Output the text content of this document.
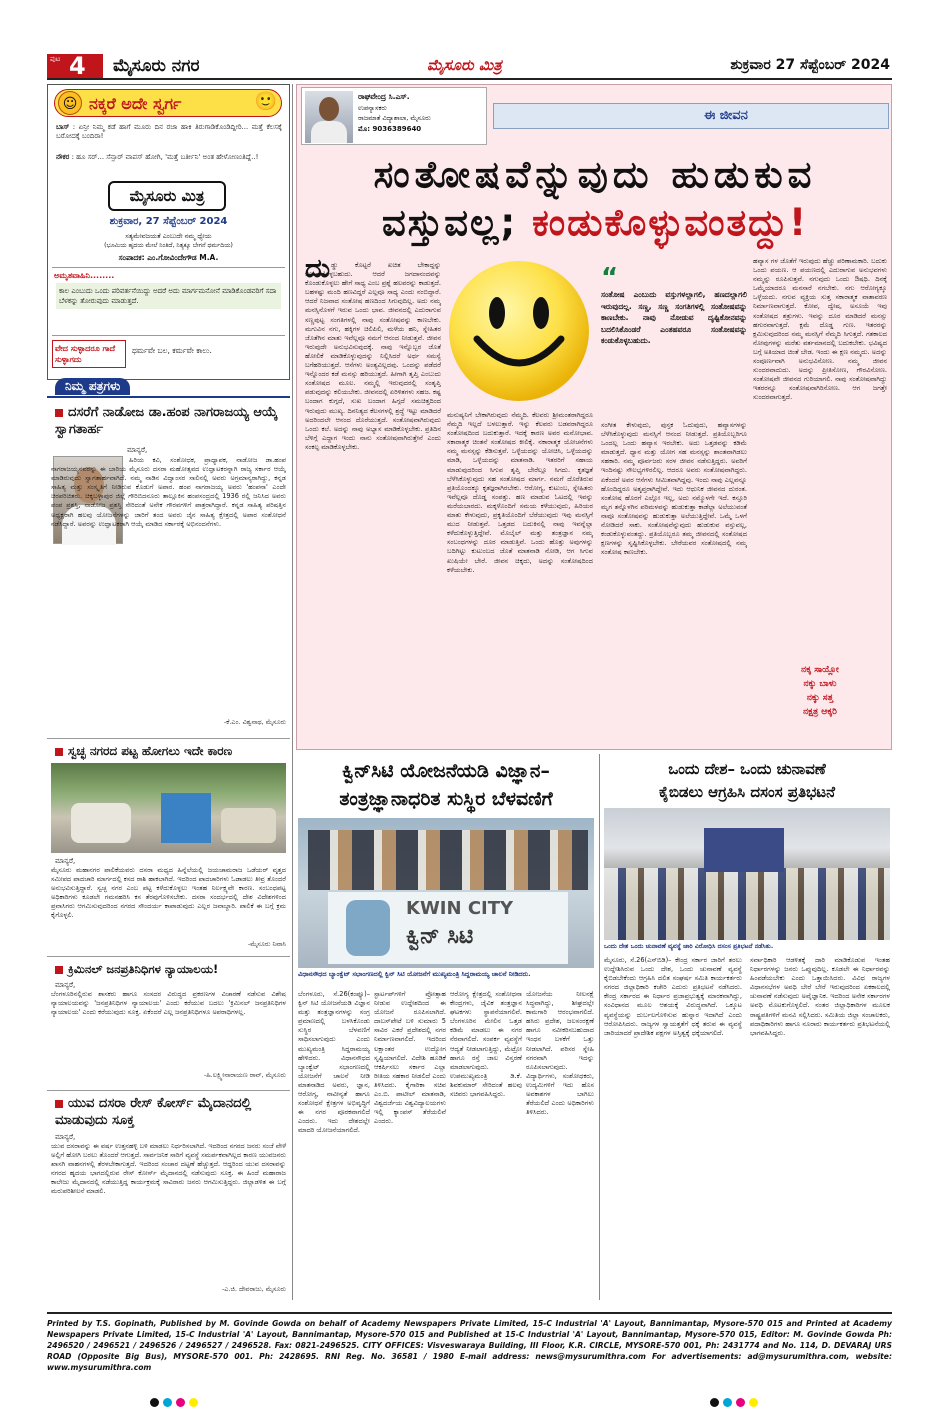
ಪುಟ 4 ಮೈಸೂರು ನಗರ	ಮೈಸೂರು ಮಿತ್ರ	ಶುಕ್ರವಾರ 27 ಸೆಪ್ಟೆಂಬರ್ 2024
☺ ನಕ್ಕರೆ ಅದೇ ಸ್ವರ್ಗ	🙂
ಬಾಸ್ : ಏನ್ರೀ ನಿಮ್ಮ ಕಡೆ ಹಾಗೆ ಮೂರು ದಿನ ರಜಾ ಹಾಕಿ ತಿರುಗಾಡಿಕೊಂಡಿದ್ದೀರಿ... ಮತ್ತೆ ಕೆಲಸಕ್ಕೆ ಬರೋದಕ್ಕೆ ಬಂದಿರಾ!
ನೌಕರ : ಹೂ ಸರ್... ಸೆನ್ಸಾರ್ ವಾಪಸ್ ಹೋಗಿ, 'ಮತ್ತೆ ಬರ್ತೀನಿ' ಅಂತ ಹೇಳೋಣಂತಿದ್ದೆ..!
ಮೈಸೂರು ಮಿತ್ರ
ಶುಕ್ರವಾರ, 27 ಸೆಪ್ಟೆಂಬರ್ 2024
ಸತ್ಯಮೇವಜಯತೆ ಎಂಬುದೇ ನಮ್ಮ ಧ್ಯೇಯ
(ಭೂಮಿಯ ಹೃದಯ ಮೇಲೆ ನಿಂತಿದೆ, ನಿತ್ಯಕ್ಕೂ ಬೇಗನೆ ಧರ್ಮದಿಯ)
ಸಂಪಾದಕ: ಎಂ.ಗೋವಿಂದೇಗೌಡ M.A.
ಅಮೃತವಾಹಿನಿ........
ಕಾಲ ಎಂಬುದು ಒಂದು ಪರಿವರ್ತನೆಯಿದ್ದು ಅದರೆ ಅದು ಮಾರ್ಗಮನೋನೆ ಮಾಡಿಕೊಂಡವರಿಗೆ ಸದಾ ಬೆಳಕನ್ನು ತೋರುವುದು ಮಾಡುತ್ತದೆ.
ವೇದ ಸುಳ್ಳಾದರೂ ಗಾದೆ ಸುಳ್ಳಾಗದು
ಧರ್ಮವೇ ಬಲ, ಕರ್ಮವೇ ಕಾಲು.
ನಿಮ್ಮ ಪತ್ರಗಳು
ದಸರೆಗೆ ನಾಡೋಜ ಡಾ.ಹಂಪ ನಾಗರಾಜಯ್ಯ ಆಯ್ಕೆ ಸ್ವಾಗತಾರ್ಹ
ಮಾನ್ಯರೆ,
ಹಿರಿಯ ಕವಿ, ಸಂಶೋಧಕ, ಪ್ರಾಧ್ಯಾಪಕ, ನಾಡೋಜ ಡಾ.ಹಂಪ ನಾಗರಾಜಯ್ಯನವರನ್ನು ಈ ಬಾರಿಯ ಮೈಸೂರು ದಸರಾ ಮಹೋತ್ಸವದ ಉದ್ಘಾಟಕರನ್ನಾಗಿ ರಾಜ್ಯ ಸರ್ಕಾರ ಆಯ್ಕೆ ಮಾಡಿರುವುದು ಸ್ವಾಗತಾರ್ಹವಾಗಿದೆ. ನಮ್ಮ ನಾಡಿನ ವಿದ್ವಾಂಸರ ಸಾಲಿನಲ್ಲಿ ಅವರು ಅಗ್ರಮಾನ್ಯರಾಗಿದ್ದು, ಕನ್ನಡ ಸಾಹಿತ್ಯ ಮತ್ತು ಸಂಸ್ಕೃತಿಗೆ ನೀಡಿರುವ ಕೊಡುಗೆ ಅಪಾರ. ಹಂಪ ನಾಗರಾಜಯ್ಯ ಅವರು 'ಹಂಪನಾ' ಎಂದೇ ಚಿರಪರಿಚಿತರು. ಚಿಕ್ಕಬಳ್ಳಾಪುರ ಜಿಲ್ಲೆ ಗೌರಿಬಿದನೂರು ತಾಲ್ಲೂಕಿನ ಹಂಪಸಂದ್ರದಲ್ಲಿ 1936 ರಲ್ಲಿ ಜನಿಸಿದ ಅವರು ಪಂಪ ಪ್ರಶಸ್ತಿ, ನಾಡೋಜ ಪ್ರಶಸ್ತಿ ಸೇರಿದಂತೆ ಅನೇಕ ಗೌರವಗಳಿಗೆ ಪಾತ್ರರಾಗಿದ್ದಾರೆ. ಕನ್ನಡ ಸಾಹಿತ್ಯ ಪರಿಷತ್ತಿನ ಅಧ್ಯಕ್ಷರಾಗಿ ಹಲವು ಯೋಜನೆಗಳನ್ನು ಜಾರಿಗೆ ತಂದ ಅವರು ಜೈನ ಸಾಹಿತ್ಯ ಕ್ಷೇತ್ರದಲ್ಲಿ ಅಪಾರ ಸಂಶೋಧನೆ ನಡೆಸಿದ್ದಾರೆ. ಅವರನ್ನು ಉದ್ಘಾಟಕರಾಗಿ ಆಯ್ಕೆ ಮಾಡಿದ ಸರ್ಕಾರಕ್ಕೆ ಅಭಿನಂದನೆಗಳು.
-ಕೆ.ಎಂ. ವಿಶ್ವನಾಥ, ಮೈಸೂರು
ಸ್ವಚ್ಛ ನಗರದ ಪಟ್ಟ ಹೋಗಲು ಇದೇ ಕಾರಣ
ಮಾನ್ಯರೆ,
ಮೈಸೂರು ಮಹಾನಗರ ಪಾಲಿಕೆಯವರು ದಸರಾ ಮಧ್ಯದ ಹಿನ್ನೆಲೆಯಲ್ಲಿ ಜಯಚಾಮರಾಜ ಒಡೆಯರ್ ವೃತ್ತದ ಸಮೀಪದ ಪಾದಚಾರಿ ಮಾರ್ಗದಲ್ಲಿ ಕಸದ ರಾಶಿ ಹಾಕಲಾಗಿದೆ. ಇದರಿಂದ ಪಾದಚಾರಿಗಳು ಓಡಾಡಲು ತೀವ್ರ ತೊಂದರೆ ಅನುಭವಿಸುತ್ತಿದ್ದಾರೆ. ಸ್ವಚ್ಛ ನಗರ ಎಂಬ ಪಟ್ಟ ಕಳೆದುಕೊಳ್ಳಲು ಇಂತಹ ನಿರ್ಲಕ್ಷ್ಯವೇ ಕಾರಣ. ಸಂಬಂಧಪಟ್ಟ ಅಧಿಕಾರಿಗಳು ಕೂಡಲೇ ಗಮನಹರಿಸಿ ಕಸ ತೆರವುಗೊಳಿಸಬೇಕು. ದಸರಾ ಸಂದರ್ಭದಲ್ಲಿ ದೇಶ ವಿದೇಶಗಳಿಂದ ಪ್ರವಾಸಿಗರು ಆಗಮಿಸುವುದರಿಂದ ನಗರದ ಸೌಂದರ್ಯ ಕಾಪಾಡುವುದು ಎಲ್ಲರ ಜವಾಬ್ದಾರಿ. ಪಾಲಿಕೆ ಈ ಬಗ್ಗೆ ಕ್ರಮ ಕೈಗೊಳ್ಳಲಿ.
-ಮೈಸೂರು ನಿವಾಸಿ
ಕ್ರಿಮಿನಲ್ ಜನಪ್ರತಿನಿಧಿಗಳ ನ್ಯಾಯಾಲಯ!
ಮಾನ್ಯರೆ,
ಬೆಂಗಳೂರಿನಲ್ಲಿರುವ ಶಾಸಕರು ಹಾಗೂ ಸಂಸದರ ವಿರುದ್ಧದ ಪ್ರಕರಣಗಳ ವಿಚಾರಣೆ ನಡೆಸುವ ವಿಶೇಷ ನ್ಯಾಯಾಲಯವನ್ನು 'ಜನಪ್ರತಿನಿಧಿಗಳ ನ್ಯಾಯಾಲಯ' ಎಂದು ಕರೆಯುವ ಬದಲು 'ಕ್ರಿಮಿನಲ್ ಜನಪ್ರತಿನಿಧಿಗಳ ನ್ಯಾಯಾಲಯ' ಎಂದು ಕರೆಯುವುದು ಸೂಕ್ತ. ಏಕೆಂದರೆ ಎಲ್ಲ ಜನಪ್ರತಿನಿಧಿಗಳೂ ಅಪರಾಧಿಗಳಲ್ಲ.
-ಹಿ.ಲಕ್ಷ್ಮೀನಾರಾಯಣ ರಾವ್, ಮೈಸೂರು
ಯುವ ದಸರಾ ರೇಸ್ ಕೋರ್ಸ್ ಮೈದಾನದಲ್ಲಿ ಮಾಡುವುದು ಸೂಕ್ತ
ಮಾನ್ಯರೆ,
ಯುವ ದಸರಾವನ್ನು ಈ ವರ್ಷ ಉತ್ತನಹಳ್ಳಿ ಬಳಿ ಮಾಡಲು ನಿರ್ಧರಿಸಲಾಗಿದೆ. ಇದರಿಂದ ನಗರದ ಜನರು ಸಂಜೆ ವೇಳೆ ಅಲ್ಲಿಗೆ ಹೋಗಿ ಬರಲು ತೊಂದರೆ ಆಗುತ್ತದೆ. ಸಾರ್ವಜನಿಕ ಸಾರಿಗೆ ವ್ಯವಸ್ಥೆ ಸಮರ್ಪಕವಾಗಿಲ್ಲದ ಕಾರಣ ಯುವಜನರು ಖಾಸಗಿ ವಾಹನಗಳಲ್ಲಿ ತೆರಳಬೇಕಾಗುತ್ತದೆ. ಇದರಿಂದ ಸಂಚಾರ ದಟ್ಟಣೆ ಹೆಚ್ಚುತ್ತದೆ. ಆದ್ದರಿಂದ ಯುವ ದಸರಾವನ್ನು ನಗರದ ಹೃದಯ ಭಾಗದಲ್ಲಿರುವ ರೇಸ್ ಕೋರ್ಸ್ ಮೈದಾನದಲ್ಲಿ ನಡೆಸುವುದು ಸೂಕ್ತ. ಈ ಹಿಂದೆ ಮಹಾರಾಜ ಕಾಲೇಜು ಮೈದಾನದಲ್ಲಿ ನಡೆಯುತ್ತಿದ್ದ ಕಾರ್ಯಕ್ರಮಕ್ಕೆ ಸಾವಿರಾರು ಜನರು ಆಗಮಿಸುತ್ತಿದ್ದರು. ಜಿಲ್ಲಾಡಳಿತ ಈ ಬಗ್ಗೆ ಮರುಪರಿಶೀಲನೆ ಮಾಡಲಿ.
-ಎ.ಜಿ. ದೇವರಾಜು, ಮೈಸೂರು
ರಾಘವೇಂದ್ರ ಸಿ.ಎಸ್.
ಉಪನ್ಯಾಸಕರು
ರಾಜಮಾತೆ ವಿದ್ಯಾಶಾಲಾ, ಮೈಸೂರು
ಮೊ: 9036389640
ಈ ಜೀವನ
ಸಂತೋಷವೆನ್ನುವುದು ಹುಡುಕುವ
ವಸ್ತುವಲ್ಲ; ಕಂಡುಕೊಳ್ಳುವಂತದ್ದು!
“
ಸಂತೋಷ ಎಂಬುದು ವಸ್ತುಗಳಲ್ಲಾಗಲಿ, ಹಣದಲ್ಲಾಗಲಿ ಇರುವುದಲ್ಲ. ಸಣ್ಣ, ಸಣ್ಣ ಸಂಗತಿಗಳಲ್ಲಿ ಸಂತೋಷವನ್ನು ಕಾಣಬೇಕು. ನಾವು ನೋಡುವ ದೃಷ್ಟಿಕೋನವನ್ನು ಬದಲಿಸಿಕೊಂಡರೆ ಎಂತಹವರೂ ಸಂತೋಷವನ್ನು ಕಂಡುಕೊಳ್ಳಬಹುದು.
ದು ಡ್ಡು ಕೊಟ್ಟರೆ ಖಚಿತ ಬೇಕಾದ್ದನ್ನು ಕೊಂಡುಕೊಳ್ಳಬಹುದು. ಆದರೆ ಜಗದಾನಂದವನ್ನು ಕೊಂಡುಕೊಳ್ಳಲು ಹೇಗೆ ಸಾಧ್ಯ ಎಂಬ ಪ್ರಶ್ನೆ ಹಲವರನ್ನು ಕಾಡುತ್ತದೆ. ಬಹಳಷ್ಟು ಮಂದಿ ಹಣವಿದ್ದರೆ ಎಲ್ಲವೂ ಸಾಧ್ಯ ಎಂದು ನಂಬಿದ್ದಾರೆ. ಆದರೆ ನಿಜವಾದ ಸಂತೋಷ ಹಣದಿಂದ ಸಿಗುವುದಿಲ್ಲ. ಅದು ನಮ್ಮ ಮನಸ್ಸಿನೊಳಗೆ ಇರುವ ಒಂದು ಭಾವ. ಜೀವನದಲ್ಲಿ ಎದುರಾಗುವ ಸಣ್ಣಪುಟ್ಟ ಸಂಗತಿಗಳಲ್ಲಿ ನಾವು ಸಂತೋಷವನ್ನು ಕಾಣಬೇಕು. ಮಗುವಿನ ನಗು, ಹಕ್ಕಿಗಳ ಚಿಲಿಪಿಲಿ, ಮಳೆಯ ಹನಿ, ಸ್ನೇಹಿತರ ಜೊತೆಗಿನ ಮಾತು ಇವೆಲ್ಲವೂ ನಮಗೆ ಆನಂದ ನೀಡುತ್ತವೆ. ಜೀವನ ಇರುವುದೇ ಅನುಭವಿಸುವುದಕ್ಕೆ. ನಾವು ಇನ್ನೊಬ್ಬರ ಜೊತೆ ಹೋಲಿಕೆ ಮಾಡಿಕೊಳ್ಳುವುದನ್ನು ನಿಲ್ಲಿಸಿದರೆ ಅರ್ಧ ಸಮಸ್ಯೆ ಬಗೆಹರಿಯುತ್ತದೆ. ಆಸೆಗಳು ಅಂತ್ಯವಿಲ್ಲದವು. ಒಂದನ್ನು ಪಡೆದರೆ ಇನ್ನೊಂದರ ಕಡೆ ಮನಸ್ಸು ಹರಿಯುತ್ತದೆ. ಹೀಗಾಗಿ ತೃಪ್ತಿ ಎಂಬುದು ಸಂತೋಷದ ಮೂಲ. ನಮ್ಮಲ್ಲಿ ಇರುವುದರಲ್ಲಿ ಸಂತೃಪ್ತಿ ಪಡುವುದನ್ನು ಕಲಿಯಬೇಕು. ಜೀವನದಲ್ಲಿ ಏರಿಳಿತಗಳು ಸಹಜ. ಕಷ್ಟ ಬಂದಾಗ ಕುಗ್ಗದೆ, ಸುಖ ಬಂದಾಗ ಹಿಗ್ಗದೆ ಸಮಚಿತ್ತದಿಂದ ಇರುವುದು ಮುಖ್ಯ. ದಿನನಿತ್ಯದ ಕೆಲಸಗಳಲ್ಲಿ ಶ್ರದ್ಧೆ ಇಟ್ಟು ಮಾಡಿದರೆ ಅದರಿಂದಲೇ ಆನಂದ ದೊರೆಯುತ್ತದೆ. ಸಂತೋಷವಾಗಿರುವುದು ಒಂದು ಕಲೆ. ಅದನ್ನು ನಾವು ಅಭ್ಯಾಸ ಮಾಡಿಕೊಳ್ಳಬೇಕು. ಪ್ರತಿದಿನ ಬೆಳಿಗ್ಗೆ ಎದ್ದಾಗ ಇಂದು ನಾನು ಸಂತೋಷವಾಗಿರುತ್ತೇನೆ ಎಂದು ಸಂಕಲ್ಪ ಮಾಡಿಕೊಳ್ಳಬೇಕು.
ಮನುಷ್ಯನಿಗೆ ಬೇಕಾಗಿರುವುದು ನೆಮ್ಮದಿ. ಕೆಲವರು ಶ್ರೀಮಂತರಾಗಿದ್ದರೂ ನೆಮ್ಮದಿ ಇಲ್ಲದೆ ಬಳಲುತ್ತಾರೆ. ಇನ್ನು ಕೆಲವರು ಬಡವರಾಗಿದ್ದರೂ ಸಂತೋಷದಿಂದ ಬದುಕುತ್ತಾರೆ. ಇದಕ್ಕೆ ಕಾರಣ ಅವರ ಮನೋಭಾವ. ಸಕಾರಾತ್ಮಕ ಚಿಂತನೆ ಸಂತೋಷದ ಕೀಲಿಕೈ. ನಕಾರಾತ್ಮಕ ಯೋಚನೆಗಳು ನಮ್ಮ ಮನಸ್ಸನ್ನು ಕೆಡಿಸುತ್ತವೆ. ಒಳ್ಳೆಯದನ್ನು ಯೋಚಿಸಿ, ಒಳ್ಳೆಯದನ್ನು ಮಾಡಿ, ಒಳ್ಳೆಯದನ್ನು ಮಾತನಾಡಿ. ಇತರರಿಗೆ ಸಹಾಯ ಮಾಡುವುದರಿಂದ ಸಿಗುವ ತೃಪ್ತಿ ಬೇರೆಲ್ಲೂ ಸಿಗದು. ಕೃತಜ್ಞತೆ ಬೆಳೆಸಿಕೊಳ್ಳುವುದು ಸಹ ಸಂತೋಷದ ಮಾರ್ಗ. ನಮಗೆ ದೊರೆತಿರುವ ಪ್ರತಿಯೊಂದಕ್ಕೂ ಕೃತಜ್ಞರಾಗಿರಬೇಕು. ಆರೋಗ್ಯ, ಕುಟುಂಬ, ಸ್ನೇಹಿತರು ಇವೆಲ್ಲವೂ ದೊಡ್ಡ ಸಂಪತ್ತು. ಹಣ ಮಾಡುವ ಓಟದಲ್ಲಿ ಇವನ್ನು ಮರೆಯಬಾರದು. ಮಕ್ಕಳೊಂದಿಗೆ ಸಮಯ ಕಳೆಯುವುದು, ಹಿರಿಯರ ಮಾತು ಕೇಳುವುದು, ಪ್ರಕೃತಿಯೊಂದಿಗೆ ಬೆರೆಯುವುದು ಇವು ಮನಸ್ಸಿಗೆ ಮುದ ನೀಡುತ್ತವೆ. ಒತ್ತಡದ ಬದುಕಿನಲ್ಲಿ ನಾವು ಇವನ್ನೆಲ್ಲಾ ಕಳೆದುಕೊಳ್ಳುತ್ತಿದ್ದೇವೆ. ಮೊಬೈಲ್ ಮತ್ತು ತಂತ್ರಜ್ಞಾನ ನಮ್ಮ ಸಂಬಂಧಗಳನ್ನು ದೂರ ಮಾಡುತ್ತಿವೆ. ಒಂದು ಹೊತ್ತು ಅವುಗಳನ್ನು ಬದಿಗಿಟ್ಟು ಕುಟುಂಬದ ಜೊತೆ ಮಾತನಾಡಿ ನೋಡಿ, ಆಗ ಸಿಗುವ ಖುಷಿಯೇ ಬೇರೆ. ಜೀವನ ಚಿಕ್ಕದು, ಅದನ್ನು ಸಂತೋಷದಿಂದ ಕಳೆಯಬೇಕು.
ಸಂಗೀತ ಕೇಳುವುದು, ಪುಸ್ತಕ ಓದುವುದು, ಹವ್ಯಾಸಗಳನ್ನು ಬೆಳೆಸಿಕೊಳ್ಳುವುದು ಮನಸ್ಸಿಗೆ ಆನಂದ ನೀಡುತ್ತದೆ. ಪ್ರತಿಯೊಬ್ಬರಿಗೂ ಒಂದಲ್ಲ ಒಂದು ಹವ್ಯಾಸ ಇರಬೇಕು. ಅದು ಒತ್ತಡವನ್ನು ಕಡಿಮೆ ಮಾಡುತ್ತದೆ. ಧ್ಯಾನ ಮತ್ತು ಯೋಗ ಸಹ ಮನಸ್ಸನ್ನು ಶಾಂತವಾಗಿಡಲು ಸಹಕಾರಿ. ನಮ್ಮ ಪೂರ್ವಜರು ಸರಳ ಜೀವನ ನಡೆಸುತ್ತಿದ್ದರು. ಅವರಿಗೆ ಇಂದಿನಷ್ಟು ಸೌಲಭ್ಯಗಳಿರಲಿಲ್ಲ. ಆದರೂ ಅವರು ಸಂತೋಷವಾಗಿದ್ದರು. ಏಕೆಂದರೆ ಅವರ ಆಸೆಗಳು ಸೀಮಿತವಾಗಿದ್ದವು. ಇಂದು ನಾವು ಎಲ್ಲವನ್ನೂ ಹೊಂದಿದ್ದರೂ ಅತೃಪ್ತರಾಗಿದ್ದೇವೆ. ಇದು ಆಧುನಿಕ ಜೀವನದ ದುರಂತ. ಸಂತೋಷ ಹೊರಗೆ ಎಲ್ಲೋ ಇಲ್ಲ, ಅದು ನಮ್ಮೊಳಗೇ ಇದೆ. ಕಸ್ತೂರಿ ಮೃಗ ತನ್ನೊಳಗಿನ ಪರಿಮಳವನ್ನು ಹುಡುಕುತ್ತಾ ಕಾಡೆಲ್ಲಾ ಅಲೆಯುವಂತೆ ನಾವೂ ಸಂತೋಷವನ್ನು ಹುಡುಕುತ್ತಾ ಅಲೆಯುತ್ತಿದ್ದೇವೆ. ಒಮ್ಮೆ ಒಳಗೆ ನೋಡಿದರೆ ಸಾಕು. ಸಂತೋಷವೆನ್ನುವುದು ಹುಡುಕುವ ವಸ್ತುವಲ್ಲ, ಕಂಡುಕೊಳ್ಳುವಂತದ್ದು. ಪ್ರತಿಯೊಬ್ಬರೂ ತಮ್ಮ ಜೀವನದಲ್ಲಿ ಸಂತೋಷದ ಕ್ಷಣಗಳನ್ನು ಸೃಷ್ಟಿಸಿಕೊಳ್ಳಬೇಕು. ಬೇರೆಯವರ ಸಂತೋಷದಲ್ಲಿ ನಮ್ಮ ಸಂತೋಷ ಕಾಣಬೇಕು.
ಹವ್ಯಾಸ ಗಳ ಜೊತೆಗೆ ಇರುವುದು ಹೆಚ್ಚು ಪರಿಣಾಮಕಾರಿ. ಬದುಕು ಒಂದು ಪಯಣ. ಆ ಪಯಣದಲ್ಲಿ ಎದುರಾಗುವ ಅನುಭವಗಳು ನಮ್ಮನ್ನು ರೂಪಿಸುತ್ತವೆ. ನಗುವುದು ಒಂದು ಔಷಧಿ. ದಿನಕ್ಕೆ ಒಮ್ಮೆಯಾದರೂ ಮನಸಾರೆ ನಗಬೇಕು. ನಗು ಆರೋಗ್ಯಕ್ಕೂ ಒಳ್ಳೆಯದು. ನಗುವ ವ್ಯಕ್ತಿಯ ಸುತ್ತ ಸಕಾರಾತ್ಮಕ ವಾತಾವರಣ ನಿರ್ಮಾಣವಾಗುತ್ತದೆ. ಕೋಪ, ದ್ವೇಷ, ಅಸೂಯೆ ಇವು ಸಂತೋಷದ ಶತ್ರುಗಳು. ಇವನ್ನು ದೂರ ಮಾಡಿದರೆ ಮನಸ್ಸು ಹಗುರವಾಗುತ್ತದೆ. ಕ್ಷಮೆ ದೊಡ್ಡ ಗುಣ. ಇತರರನ್ನು ಕ್ಷಮಿಸುವುದರಿಂದ ನಮ್ಮ ಮನಸ್ಸಿಗೆ ನೆಮ್ಮದಿ ಸಿಗುತ್ತದೆ. ಗತಕಾಲದ ನೋವುಗಳನ್ನು ಮರೆತು ವರ್ತಮಾನದಲ್ಲಿ ಬದುಕಬೇಕು. ಭವಿಷ್ಯದ ಬಗ್ಗೆ ಅತಿಯಾದ ಚಿಂತೆ ಬೇಡ. ಇಂದು ಈ ಕ್ಷಣ ನಮ್ಮದು. ಅದನ್ನು ಸಂಪೂರ್ಣವಾಗಿ ಅನುಭವಿಸೋಣ. ನಮ್ಮ ಜೀವನ ಸುಂದರವಾದುದು. ಅದನ್ನು ಪ್ರೀತಿಸೋಣ, ಗೌರವಿಸೋಣ. ಸಂತೋಷವೇ ಜೀವನದ ಗುರಿಯಾಗಲಿ. ನಾವು ಸಂತೋಷವಾಗಿದ್ದು ಇತರರನ್ನೂ ಸಂತೋಷವಾಗಿರಿಸೋಣ. ಆಗ ಜಗತ್ತೇ ಸುಂದರವಾಗುತ್ತದೆ.
ನಕ್ಕ ಸಾಯ್ಲೋ
ನಕ್ಕು ಬಾಳು
ನಕ್ಕು ಸತ್ತ
ನಕ್ಷತ್ರ ಆಕ್ಕರಿ
ಕ್ವಿನ್‌ಸಿಟಿ ಯೋಜನೆಯಡಿ ವಿಜ್ಞಾನ–
ತಂತ್ರಜ್ಞಾನಾಧರಿತ ಸುಸ್ಥಿರ ಬೆಳವಣಿಗೆ
KWIN CITY
ಕ್ವಿನ್ ಸಿಟಿ
ವಿಧಾನಸೌಧದ ಬ್ಯಾಂಕ್ವೆಟ್ ಸಭಾಂಗಣದಲ್ಲಿ ಕ್ವಿನ್ ಸಿಟಿ ಯೋಜನೆಗೆ ಮುಖ್ಯಮಂತ್ರಿ ಸಿದ್ದರಾಮಯ್ಯ ಚಾಲನೆ ನೀಡಿದರು.
ಬೆಂಗಳೂರು, ಸೆ.26(ಕಂಪ್ಯೂ)– ಕ್ವಿನ್ ಸಿಟಿ ಯೋಜನೆಯಡಿ ವಿಜ್ಞಾನ ಮತ್ತು ತಂತ್ರಜ್ಞಾನಗಳನ್ನು ಸಂಗ್ರ ಪ್ರಮಾಣದಲ್ಲಿ ಬಳಸಿಕೊಂಡು ಸುಸ್ಥಿರ ಬೆಳವಣಿಗೆ ಸಾಧಿಸಲಾಗುವುದು ಎಂದು ಮುಖ್ಯಮಂತ್ರಿ ಸಿದ್ದರಾಮಯ್ಯ ಹೇಳಿದರು. ವಿಧಾನಸೌಧದ ಬ್ಯಾಂಕ್ವೆಟ್ ಸಭಾಂಗಣದಲ್ಲಿ ಯೋಜನೆಗೆ ಚಾಲನೆ ನೀಡಿ ಮಾತನಾಡಿದ ಅವರು, ಜ್ಞಾನ, ಆರೋಗ್ಯ, ನಾವೀನ್ಯತೆ ಹಾಗೂ ಸಂಶೋಧನೆ ಕ್ಷೇತ್ರಗಳ ಅಭಿವೃದ್ಧಿಗೆ ಈ ನಗರ ಪೂರಕವಾಗಲಿದೆ ಎಂದರು. ಇದು ದೇಶದಲ್ಲೇ ಮಾದರಿ ಯೋಜನೆಯಾಗಲಿದೆ.
ಸ್ಟಾರ್ಟಪ್‌ಗಳಿಗೆ ಪ್ರೋತ್ಸಾಹ ನೀಡುವ ಉದ್ದೇಶದಿಂದ ಈ ಯೋಜನೆ ರೂಪಿಸಲಾಗಿದೆ. ದಾಬಸ್‌ಪೇಟೆ ಬಳಿ ಸುಮಾರು 5 ಸಾವಿರ ಎಕರೆ ಪ್ರದೇಶದಲ್ಲಿ ನಗರ ನಿರ್ಮಾಣವಾಗಲಿದೆ. ಇದರಿಂದ ಲಕ್ಷಾಂತರ ಉದ್ಯೋಗ ಸೃಷ್ಟಿಯಾಗಲಿದೆ. ವಿದೇಶಿ ಹೂಡಿಕೆ ಆಕರ್ಷಿಸಲು ಸರ್ಕಾರ ಎಲ್ಲಾ ರೀತಿಯ ಸಹಕಾರ ನೀಡಲಿದೆ ಎಂದು ತಿಳಿಸಿದರು. ಕೈಗಾರಿಕಾ ಸಚಿವ ಎಂ.ಬಿ. ಪಾಟೀಲ್ ಮಾತನಾಡಿ, ವಿಶ್ವದರ್ಜೆಯ ವಿಶ್ವವಿದ್ಯಾಲಯಗಳು ಇಲ್ಲಿ ಕ್ಯಾಂಪಸ್ ತೆರೆಯಲಿವೆ ಎಂದರು.
ಆರೋಗ್ಯ ಕ್ಷೇತ್ರದಲ್ಲಿ ಸಂಶೋಧನಾ ಕೇಂದ್ರಗಳು, ಜೈವಿಕ ತಂತ್ರಜ್ಞಾನ ಘಟಕಗಳು ಸ್ಥಾಪನೆಯಾಗಲಿವೆ. ಬೆಂಗಳೂರಿನ ಮೇಲಿನ ಒತ್ತಡ ಕಡಿಮೆ ಮಾಡಲು ಈ ನಗರ ನೆರವಾಗಲಿದೆ. ಸಂಪರ್ಕ ವ್ಯವಸ್ಥೆಗೆ ಆದ್ಯತೆ ನೀಡಲಾಗುತ್ತಿದ್ದು, ಮೆಟ್ರೋ ಹಾಗೂ ರಸ್ತೆ ಜಾಲ ವಿಸ್ತರಣೆ ಮಾಡಲಾಗುವುದು. ಉಪಮುಖ್ಯಮಂತ್ರಿ ಡಿ.ಕೆ. ಶಿವಕುಮಾರ್ ಸೇರಿದಂತೆ ಹಲವು ಸಚಿವರು ಭಾಗವಹಿಸಿದ್ದರು.
ಯೋಜನೆಯ ನೀಲನಕ್ಷೆ ಸಿದ್ಧವಾಗಿದ್ದು, ಶೀಘ್ರದಲ್ಲೇ ಕಾಮಗಾರಿ ಆರಂಭವಾಗಲಿದೆ. ಹಸಿರು ಪ್ರದೇಶ, ಜಲಸಂರಕ್ಷಣೆ ಹಾಗೂ ನವೀಕರಿಸಬಹುದಾದ ಇಂಧನ ಬಳಕೆಗೆ ಒತ್ತು ನೀಡಲಾಗಿದೆ. ಪರಿಸರ ಸ್ನೇಹಿ ನಗರವಾಗಿ ಇದನ್ನು ರೂಪಿಸಲಾಗುವುದು. ವಿದ್ಯಾರ್ಥಿಗಳು, ಸಂಶೋಧಕರು, ಉದ್ಯಮಿಗಳಿಗೆ ಇದು ಹೊಸ ಅವಕಾಶಗಳ ಬಾಗಿಲು ತೆರೆಯಲಿದೆ ಎಂದು ಅಧಿಕಾರಿಗಳು ತಿಳಿಸಿದರು.
ಒಂದು ದೇಶ– ಒಂದು ಚುನಾವಣೆ
ಕೈಬಿಡಲು ಆಗ್ರಹಿಸಿ ದಸಂಸ ಪ್ರತಿಭಟನೆ
ಒಂದು ದೇಶ ಒಂದು ಚುನಾವಣೆ ವ್ಯವಸ್ಥೆ ಜಾರಿ ವಿರೋಧಿಸಿ ದಸಂಸ ಪ್ರತಿಭಟನೆ ನಡೆಸಿತು.
ಮೈಸೂರು, ಸೆ.26(ಎಸ್‌ಬಿಡಿ)– ಕೇಂದ್ರ ಸರ್ಕಾರ ಜಾರಿಗೆ ತರಲು ಉದ್ದೇಶಿಸಿರುವ ಒಂದು ದೇಶ, ಒಂದು ಚುನಾವಣೆ ವ್ಯವಸ್ಥೆ ಕೈಬಿಡಬೇಕೆಂದು ಆಗ್ರಹಿಸಿ ದಲಿತ ಸಂಘರ್ಷ ಸಮಿತಿ ಕಾರ್ಯಕರ್ತರು ನಗರದ ಜಿಲ್ಲಾಧಿಕಾರಿ ಕಚೇರಿ ಎದುರು ಪ್ರತಿಭಟನೆ ನಡೆಸಿದರು. ಕೇಂದ್ರ ಸರ್ಕಾರದ ಈ ನಿರ್ಧಾರ ಪ್ರಜಾಪ್ರಭುತ್ವಕ್ಕೆ ಮಾರಕವಾಗಿದ್ದು, ಸಂವಿಧಾನದ ಮೂಲ ಆಶಯಕ್ಕೆ ವಿರುದ್ಧವಾಗಿದೆ. ಒಕ್ಕೂಟ ವ್ಯವಸ್ಥೆಯನ್ನು ದುರ್ಬಲಗೊಳಿಸುವ ಹುನ್ನಾರ ಇದಾಗಿದೆ ಎಂದು ಆರೋಪಿಸಿದರು. ರಾಜ್ಯಗಳ ಸ್ವಾಯತ್ತತೆಗೆ ಧಕ್ಕೆ ತರುವ ಈ ವ್ಯವಸ್ಥೆ ಜಾರಿಯಾದರೆ ಪ್ರಾದೇಶಿಕ ಪಕ್ಷಗಳ ಅಸ್ತಿತ್ವಕ್ಕೆ ಧಕ್ಕೆಯಾಗಲಿದೆ.
ಸರ್ವಾಧಿಕಾರಿ ಆಡಳಿತಕ್ಕೆ ದಾರಿ ಮಾಡಿಕೊಡುವ ಇಂತಹ ನಿರ್ಧಾರಗಳನ್ನು ಜನರು ಒಪ್ಪುವುದಿಲ್ಲ. ಕೂಡಲೇ ಈ ನಿರ್ಧಾರವನ್ನು ಹಿಂಪಡೆಯಬೇಕು ಎಂದು ಒತ್ತಾಯಿಸಿದರು. ವಿವಿಧ ರಾಜ್ಯಗಳ ವಿಧಾನಸಭೆಗಳ ಅವಧಿ ಬೇರೆ ಬೇರೆ ಇರುವುದರಿಂದ ಏಕಕಾಲದಲ್ಲಿ ಚುನಾವಣೆ ನಡೆಸುವುದು ಅವೈಜ್ಞಾನಿಕ. ಇದರಿಂದ ಅನೇಕ ಸರ್ಕಾರಗಳ ಅವಧಿ ಮೊಟಕುಗೊಳ್ಳಲಿದೆ. ನಂತರ ಜಿಲ್ಲಾಧಿಕಾರಿಗಳ ಮೂಲಕ ರಾಷ್ಟ್ರಪತಿಗಳಿಗೆ ಮನವಿ ಸಲ್ಲಿಸಿದರು. ಸಮಿತಿಯ ಜಿಲ್ಲಾ ಸಂಚಾಲಕರು, ಪದಾಧಿಕಾರಿಗಳು ಹಾಗೂ ನೂರಾರು ಕಾರ್ಯಕರ್ತರು ಪ್ರತಿಭಟನೆಯಲ್ಲಿ ಭಾಗವಹಿಸಿದ್ದರು.
Printed by T.S. Gopinath, Published by M. Govinde Gowda on behalf of Academy Newspapers Private Limited, 15-C Industrial 'A' Layout, Bannimantap, Mysore-570 015 and Printed at Academy Newspapers Private Limited, 15-C Industrial 'A' Layout, Bannimantap, Mysore-570 015 and Published at 15-C Industrial 'A' Layout, Bannimantap, Mysore-570 015, Editor: M. Govinde Gowda Ph: 2496520 / 2496521 / 2496526 / 2496527 / 2496528. Fax: 0821-2496525. CITY OFFICES: Visveswaraya Building, III Floor, K.R. CIRCLE, MYSORE-570 001, Ph: 2431774 and No. 114, D. DEVARAJ URS ROAD (Opposite Big Bus), MYSORE-570 001. Ph: 2428695. RNI Reg. No. 36581 / 1980 E-mail address: news@mysurumithra.com For advertisements: ad@mysurumithra.com, website: www.mysurumithra.com
